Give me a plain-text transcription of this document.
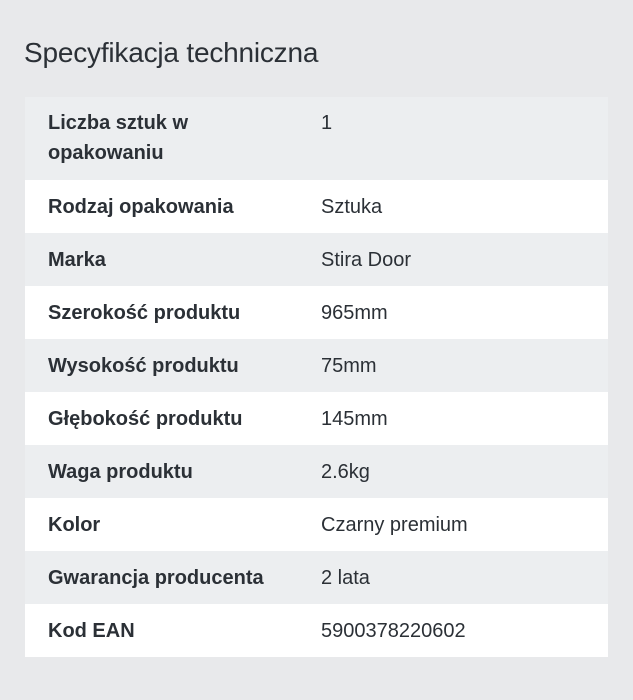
Specyfikacja techniczna
Liczba sztuk w opakowaniu	1

Rodzaj opakowania	Sztuka

Marka	Stira Door

Szerokość produktu	965mm

Wysokość produktu	75mm

Głębokość produktu	145mm

Waga produktu	2.6kg

Kolor	Czarny premium

Gwarancja producenta	2 lata

Kod EAN	5900378220602
